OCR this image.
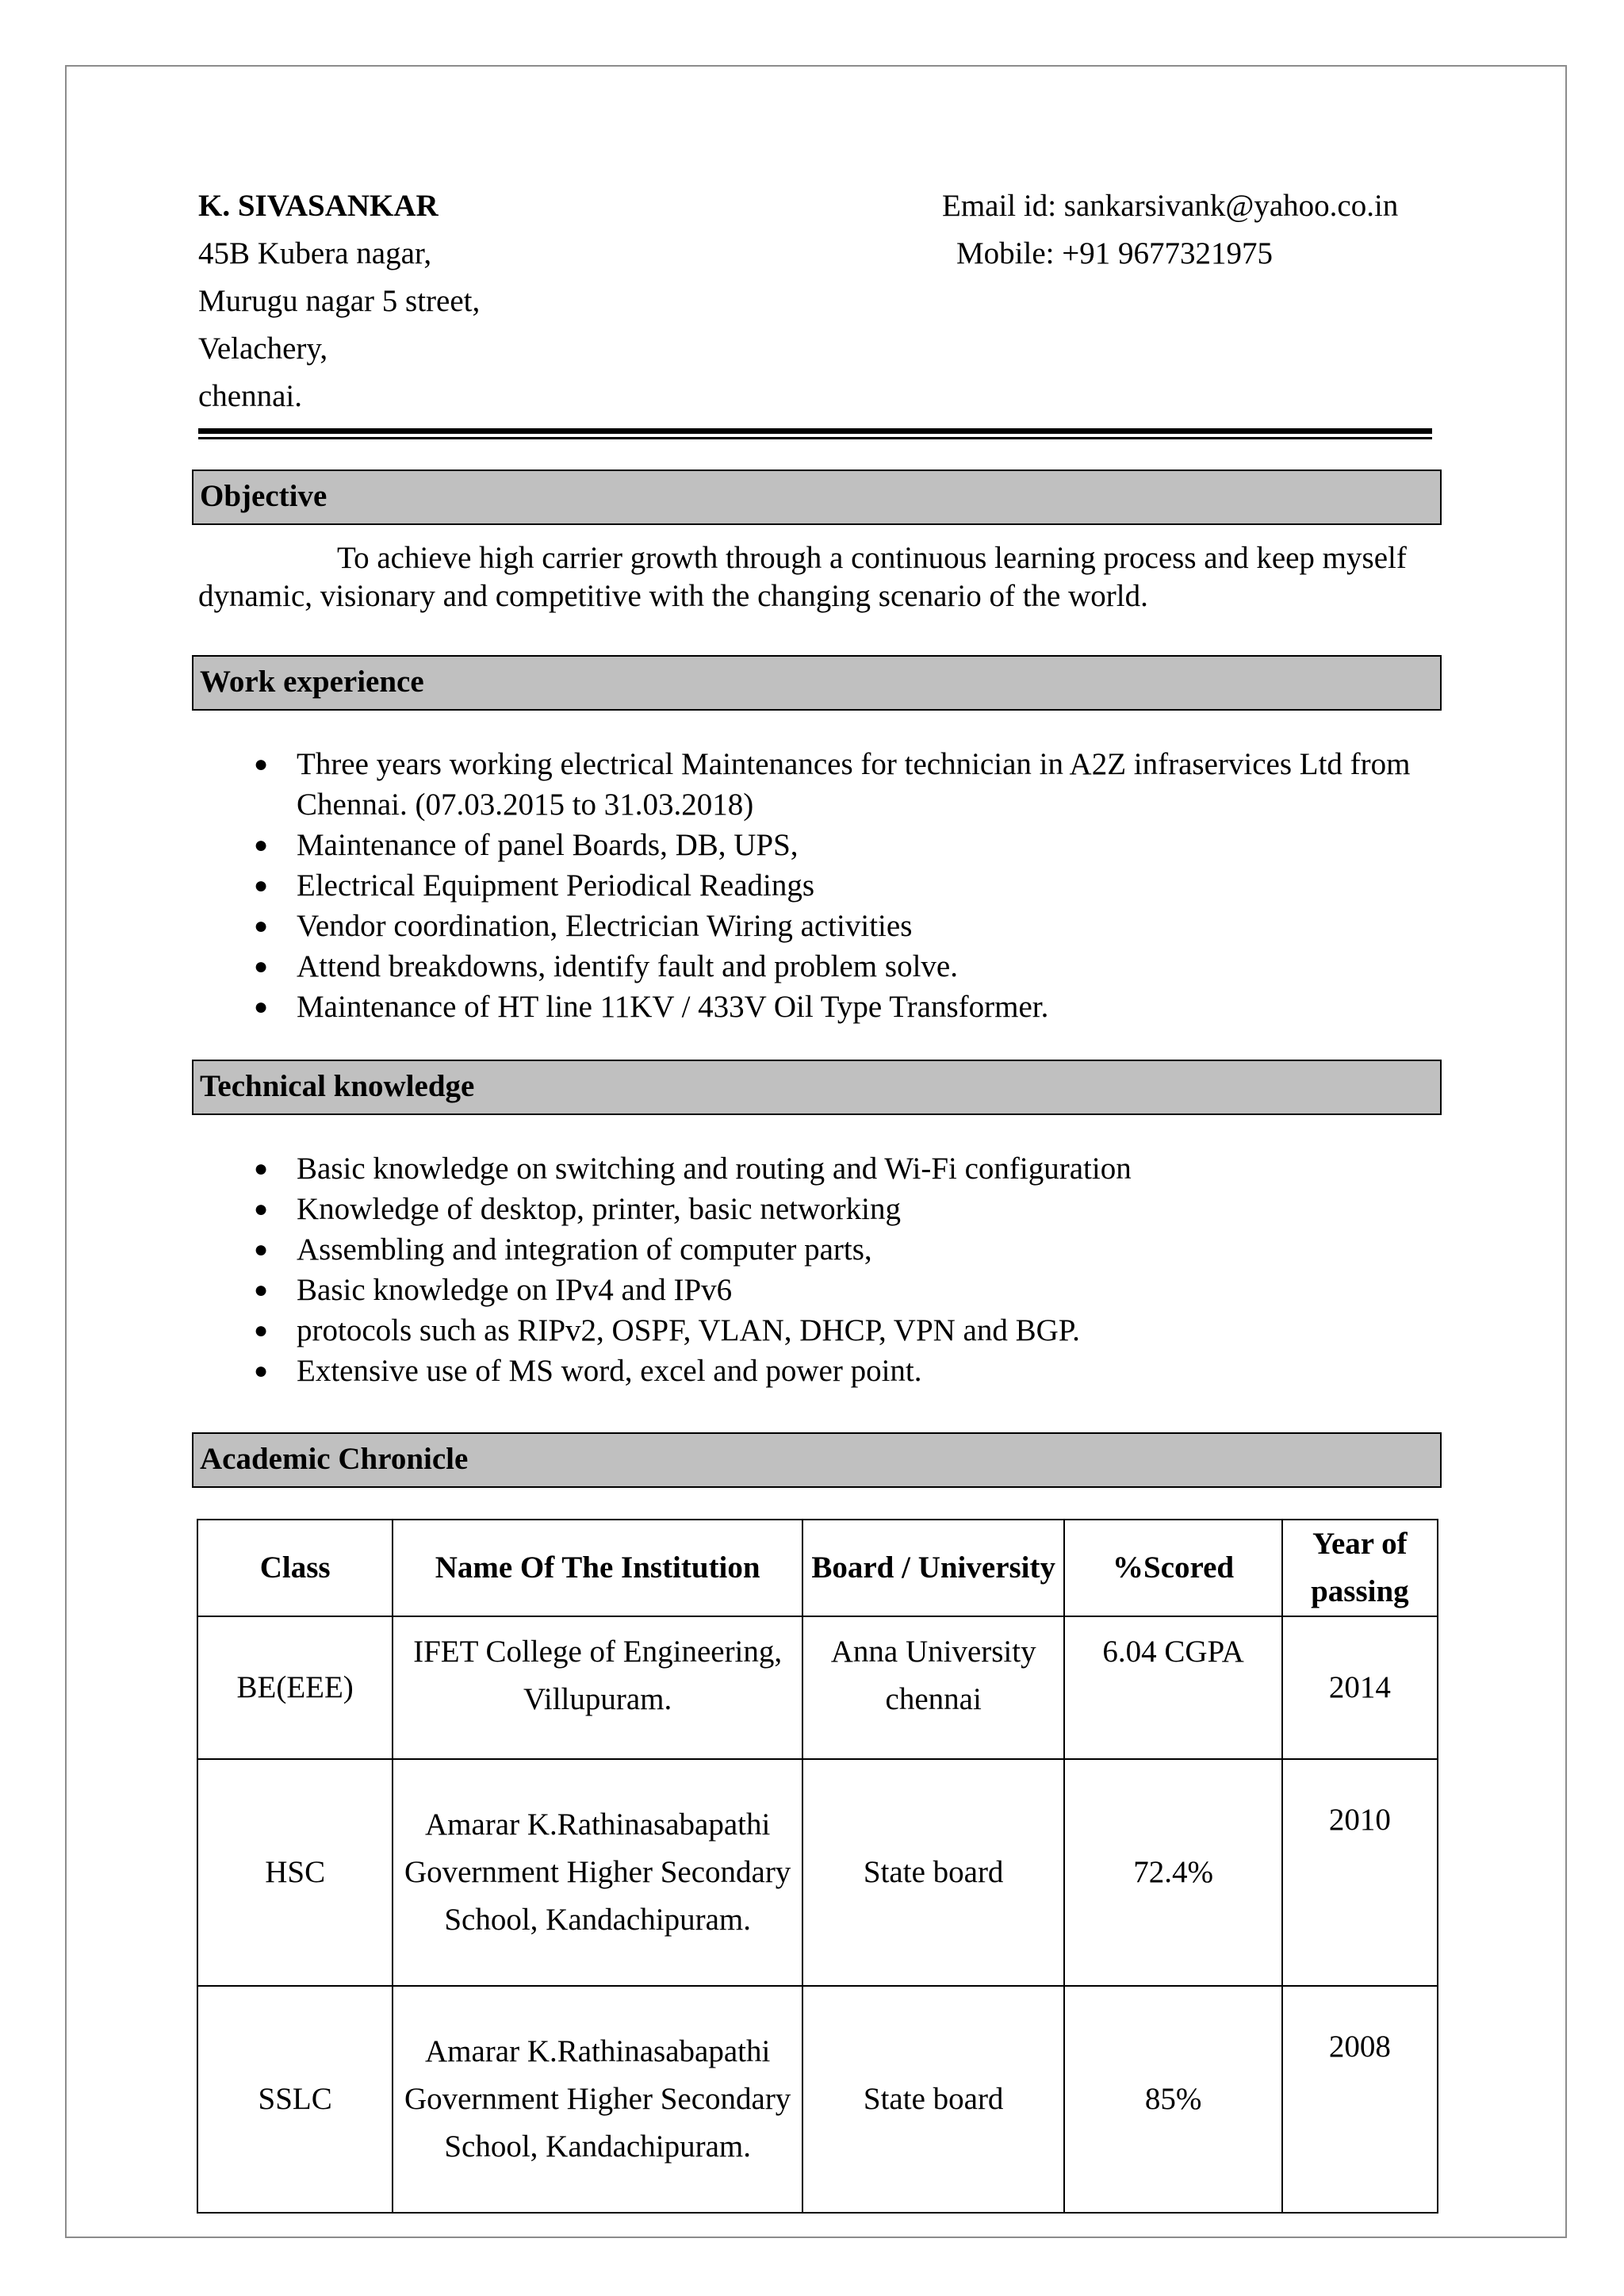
K. SIVASANKAR
45B Kubera nagar,
Murugu nagar 5 street,
Velachery,
chennai.
Email id: sankarsivank@yahoo.co.in
Mobile: +91 9677321975
Objective
To achieve high carrier growth through a continuous learning process and keep myself dynamic, visionary and competitive with the changing scenario of the world.
Work experience
● Three years working electrical Maintenances for technician in A2Z infraservices Ltd from Chennai. (07.03.2015 to 31.03.2018)
● Maintenance of panel Boards, DB, UPS,
● Electrical Equipment Periodical Readings
● Vendor coordination, Electrician Wiring activities
● Attend breakdowns, identify fault and problem solve.
● Maintenance of HT line 11KV / 433V Oil Type Transformer.
Technical knowledge
● Basic knowledge on switching and routing and Wi-Fi configuration
● Knowledge of desktop, printer, basic networking
● Assembling and integration of computer parts,
● Basic knowledge on IPv4 and IPv6
● protocols such as RIPv2, OSPF, VLAN, DHCP, VPN and BGP.
● Extensive use of MS word, excel and power point.
Academic Chronicle
Class	Name Of The Institution	Board / University	%Scored	Year of passing
BE(EEE)	IFET College of Engineering, Villupuram.	Anna University chennai	6.04 CGPA	2014
HSC	Amarar K.Rathinasabapathi Government Higher Secondary School, Kandachipuram.	State board	72.4%	2010
SSLC	Amarar K.Rathinasabapathi Government Higher Secondary School, Kandachipuram.	State board	85%	2008
